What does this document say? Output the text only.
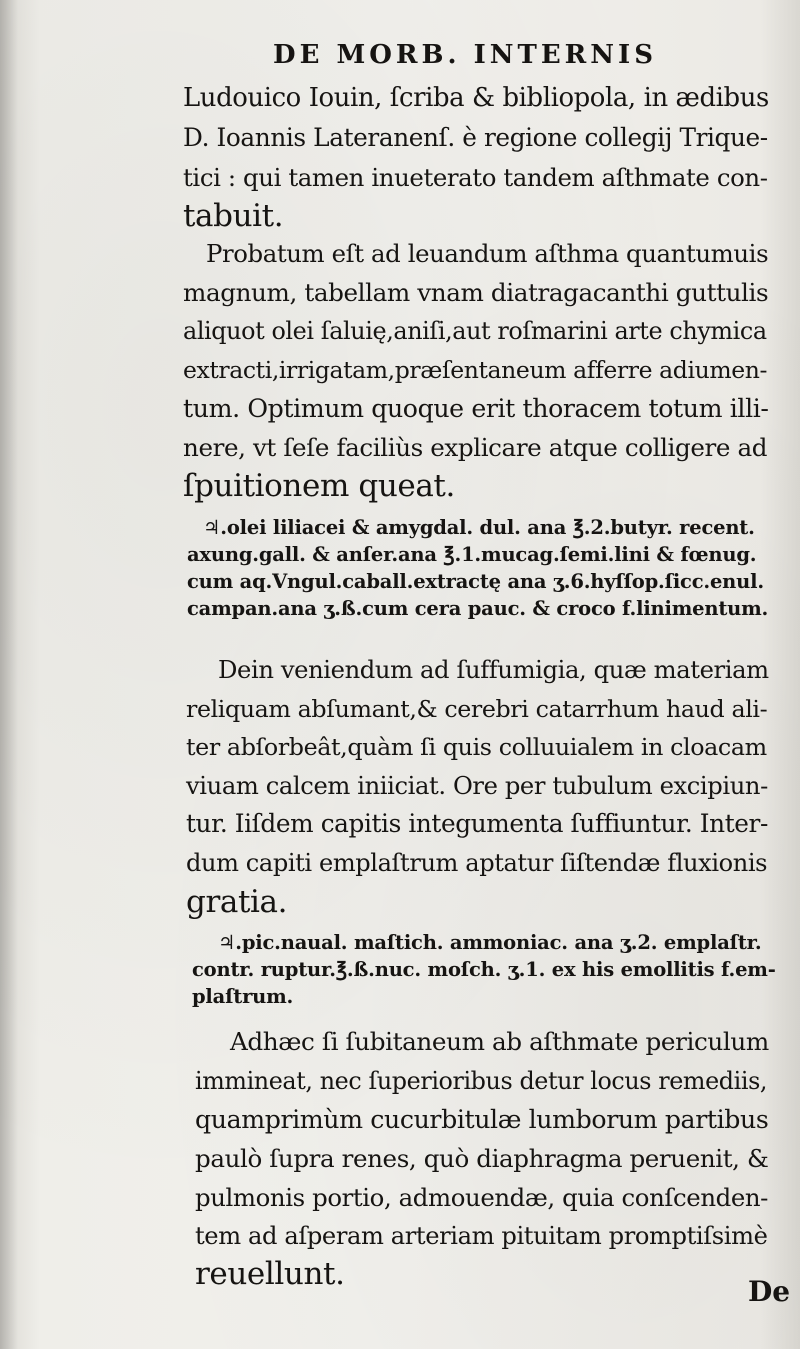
DE MORB. INTERNIS
Ludouico Iouin, ſcriba & bibliopola, in ædibus
D. Ioannis Lateranenſ. è regione collegij Trique-
tici : qui tamen inueterato tandem aſthmate con-
tabuit.
Probatum eſt ad leuandum aſthma quantumuis
magnum, tabellam vnam diatragacanthi guttulis
aliquot olei ſaluię,aniſi,aut roſmarini arte chymica
extracti,irrigatam,præſentaneum afferre adiumen-
tum. Optimum quoque erit thoracem totum illi-
nere, vt ſeſe faciliùs explicare atque colligere ad
ſpuitionem queat.
♃.olei liliacei & amygdal. dul. ana ℥.2.butyr. recent.
axung.gall. & anſer.ana ℥.1.mucag.ſemi.lini & fœnug.
cum aq.Vngul.caball.extractę ana ʒ.6.hyſſop.ſicc.enul.
campan.ana ʒ.ß.cum cera pauc. & croco f.linimentum.
Dein veniendum ad ſuffumigia, quæ materiam
reliquam abſumant,& cerebri catarrhum haud ali-
ter abſorbeât,quàm ſi quis colluuialem in cloacam
viuam calcem iniiciat. Ore per tubulum excipiun-
tur. Iiſdem capitis integumenta ſuffiuntur. Inter-
dum capiti emplaſtrum aptatur ſiſtendæ fluxionis
gratia.
♃.pic.naual. maſtich. ammoniac. ana ʒ.2. emplaſtr.
contr. ruptur.℥.ß.nuc. moſch. ʒ.1. ex his emollitis f.em-
plaſtrum.
Adhæc ſi ſubitaneum ab aſthmate periculum
immineat, nec ſuperioribus detur locus remediis,
quamprimùm cucurbitulæ lumborum partibus
paulò ſupra renes, quò diaphragma peruenit, &
pulmonis portio, admouendæ, quia conſcenden-
tem ad aſperam arteriam pituitam promptiſsimè
reuellunt.	De
